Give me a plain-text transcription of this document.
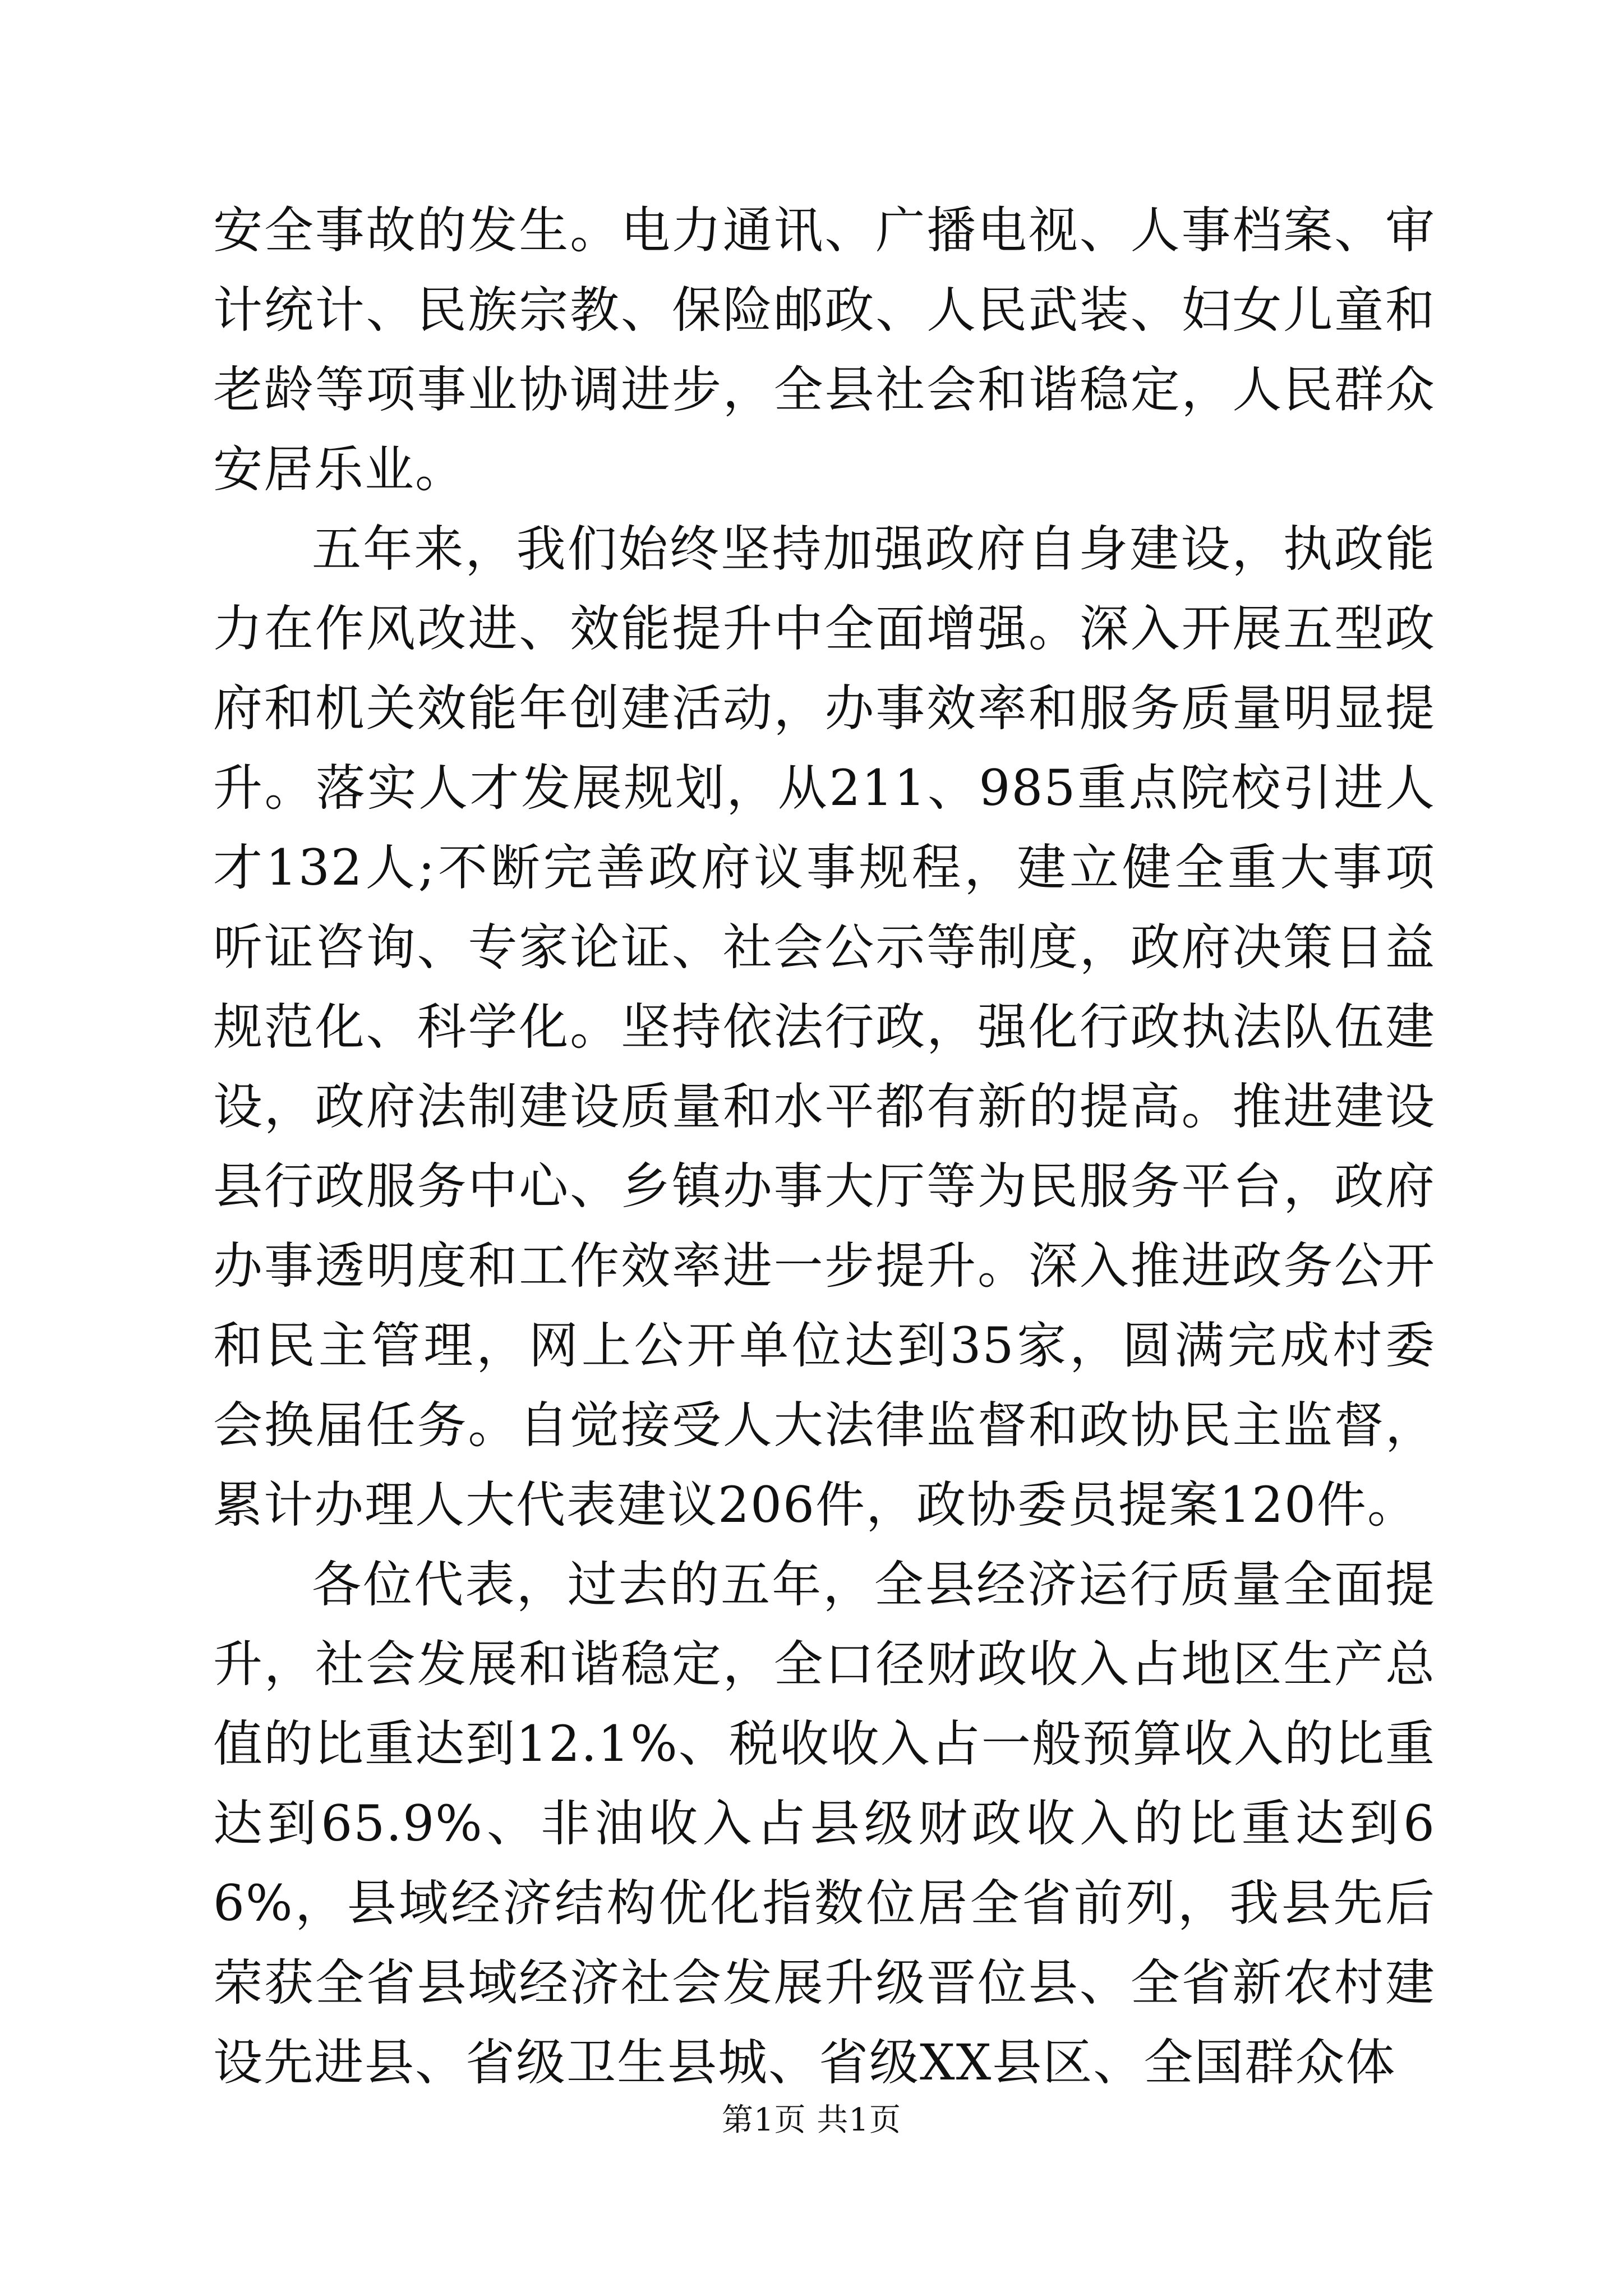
安全事故的发生。电力通讯、广播电视、人事档案、审计统计、民族宗教、保险邮政、人民武装、妇女儿童和老龄等项事业协调进步，全县社会和谐稳定，人民群众安居乐业。

五年来，我们始终坚持加强政府自身建设，执政能力在作风改进、效能提升中全面增强。深入开展五型政府和机关效能年创建活动，办事效率和服务质量明显提升。落实人才发展规划，从211、985重点院校引进人才132人;不断完善政府议事规程，建立健全重大事项听证咨询、专家论证、社会公示等制度，政府决策日益规范化、科学化。坚持依法行政，强化行政执法队伍建设，政府法制建设质量和水平都有新的提高。推进建设县行政服务中心、乡镇办事大厅等为民服务平台，政府办事透明度和工作效率进一步提升。深入推进政务公开和民主管理，网上公开单位达到35家，圆满完成村委会换届任务。自觉接受人大法律监督和政协民主监督，累计办理人大代表建议206件，政协委员提案120件。

各位代表，过去的五年，全县经济运行质量全面提升，社会发展和谐稳定，全口径财政收入占地区生产总值的比重达到12.1%、税收收入占一般预算收入的比重达到65.9%、非油收入占县级财政收入的比重达到66%，县域经济结构优化指数位居全省前列，我县先后荣获全省县域经济社会发展升级晋位县、全省新农村建设先进县、省级卫生县城、省级XX县区、全国群众体

第1页 共1页
